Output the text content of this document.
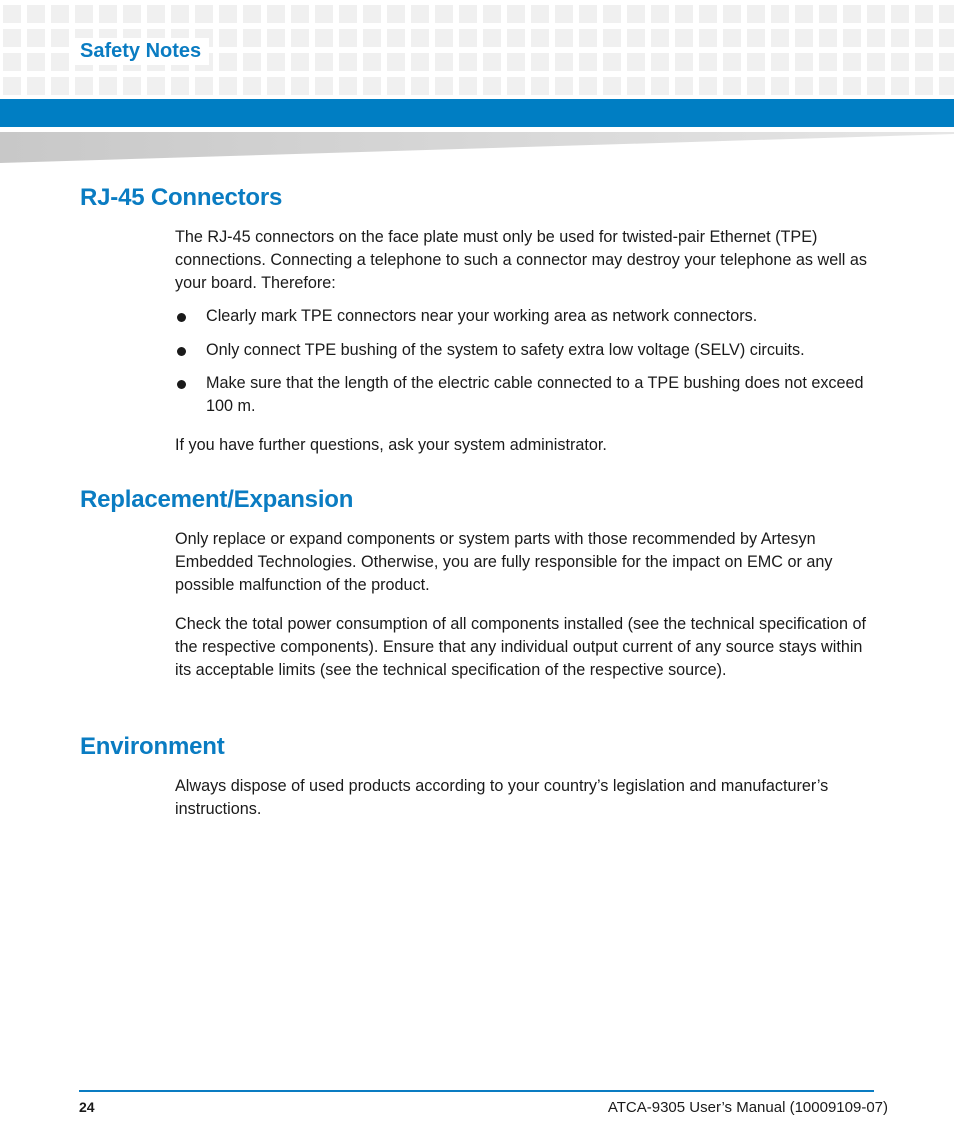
Safety Notes
RJ-45 Connectors

The RJ-45 connectors on the face plate must only be used for twisted-pair Ethernet (TPE) connections. Connecting a telephone to such a connector may destroy your telephone as well as your board. Therefore:

Clearly mark TPE connectors near your working area as network connectors.
Only connect TPE bushing of the system to safety extra low voltage (SELV) circuits.
Make sure that the length of the electric cable connected to a TPE bushing does not exceed 100 m.

If you have further questions, ask your system administrator.

Replacement/Expansion

Only replace or expand components or system parts with those recommended by Artesyn Embedded Technologies. Otherwise, you are fully responsible for the impact on EMC or any possible malfunction of the product.

Check the total power consumption of all components installed (see the technical specification of the respective components). Ensure that any individual output current of any source stays within its acceptable limits (see the technical specification of the respective source).

Environment

Always dispose of used products according to your country’s legislation and manufacturer’s instructions.

24	ATCA-9305 User’s Manual (10009109-07)
